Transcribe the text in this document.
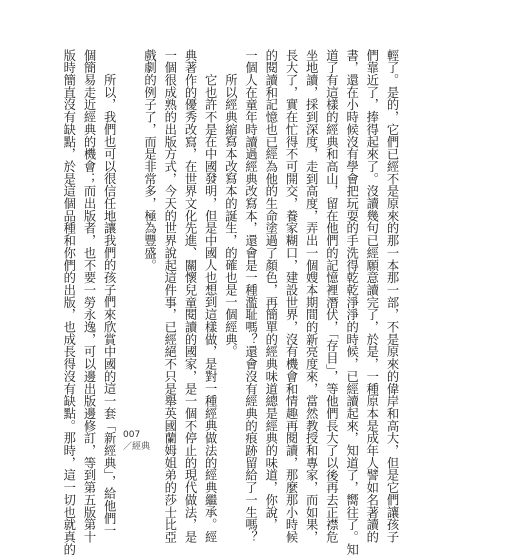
輕了。是的，它們已經不是原來的那一本那一部，不是原來的偉岸和高大，但是它們讓孩子

們靠近了，捧得起來了。沒讀幾句已經願意讀完了，於是，一種原本是成年人譬如名著讀的

書，還在小時候沒有學會把玩耍的手洗得乾乾淨淨的時候，已經讀起來，知道了，嚮往了。知

道了有這樣的經典和高山，留在他們的記憶裡潛伏，「存目」，等他們長大了以後再去正襟危

坐地讀，採到深度，走到高度，弄出一個嫂本期間的新亮度來，當然教授和專家，而如果，

長大了，實在忙得不可開交，養家糊口，建設世界，沒有機會和情趣再閱讀，那麼那小時候

的閱讀和記憶也已經為他的生命塗過了顏色，再簡單的經典味道總是經典的味道，你說，

一個人在童年時讀過經典改寫本，還會是一種濫耻嗎？還會沒有經典的痕跡留給了一生嗎？

所以經典縮寫本改寫本的誕生，的確也是一個經典。

它也許不是在中國發明，但是中國人也想到這樣做，是對一種經典做法的經典繼承。經

典著作的優秀改寫，在世界文化先進、關懷兒童閱讀的國家，是一個不停止的現代做法，是

一個很成熟的出版方式，今天的世界說起這件事，已經絕不只是舉英國蘭姆姐弟的莎士比亞

戲劇的例子了，而是非常多，極為豐盛。

所以，我們也可以很信任地讓我們的孩子們來欣賞中國的這一套「新經典」，給他們一

個簡易走近經典的機會；而出版者，也不要一勞永逸，可以邊出版邊修訂，等到第五版第十

版時簡直沒有缺點，於是這個品種和你們的出版，也成長得沒有缺點。那時，這一切也就真的	007
／經典
